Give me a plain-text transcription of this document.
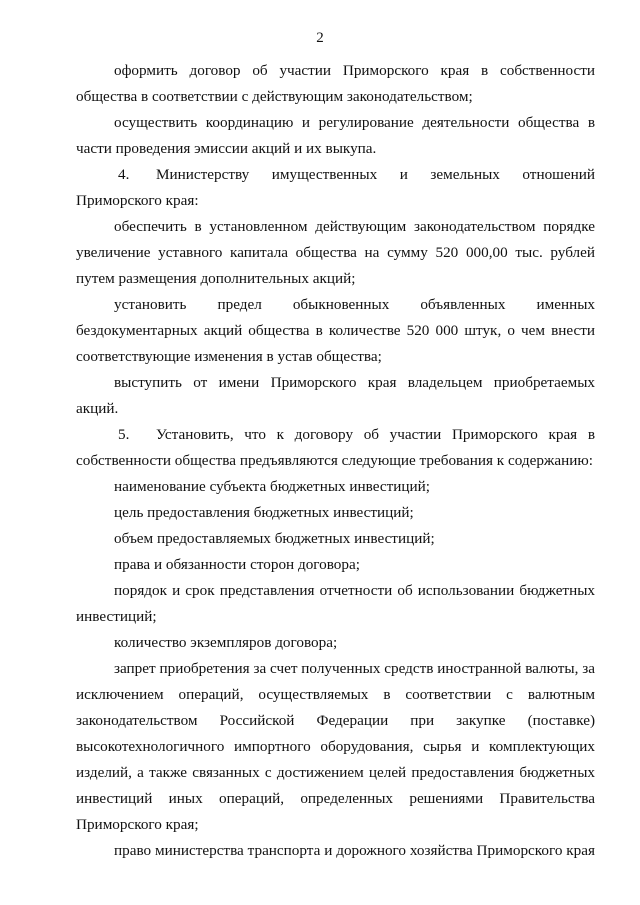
2

оформить договор об участии Приморского края в собственности общества в соответствии с действующим законодательством;

осуществить координацию и регулирование деятельности общества в части проведения эмиссии акций и их выкупа.

4. Министерству имущественных и земельных отношений Приморского края:

обеспечить в установленном действующим законодательством порядке увеличение уставного капитала общества на сумму 520 000,00 тыс. рублей путем размещения дополнительных акций;

установить предел обыкновенных объявленных именных бездокументарных акций общества в количестве 520 000 штук, о чем внести соответствующие изменения в устав общества;

выступить от имени Приморского края владельцем приобретаемых акций.

5. Установить, что к договору об участии Приморского края в собственности общества предъявляются следующие требования к содержанию:

наименование субъекта бюджетных инвестиций;

цель предоставления бюджетных инвестиций;

объем предоставляемых бюджетных инвестиций;

права и обязанности сторон договора;

порядок и срок представления отчетности об использовании бюджетных инвестиций;

количество экземпляров договора;

запрет приобретения за счет полученных средств иностранной валюты, за исключением операций, осуществляемых в соответствии с валютным законодательством Российской Федерации при закупке (поставке) высокотехнологичного импортного оборудования, сырья и комплектующих изделий, а также связанных с достижением целей предоставления бюджетных инвестиций иных операций, определенных решениями Правительства Приморского края;

право министерства транспорта и дорожного хозяйства Приморского края
